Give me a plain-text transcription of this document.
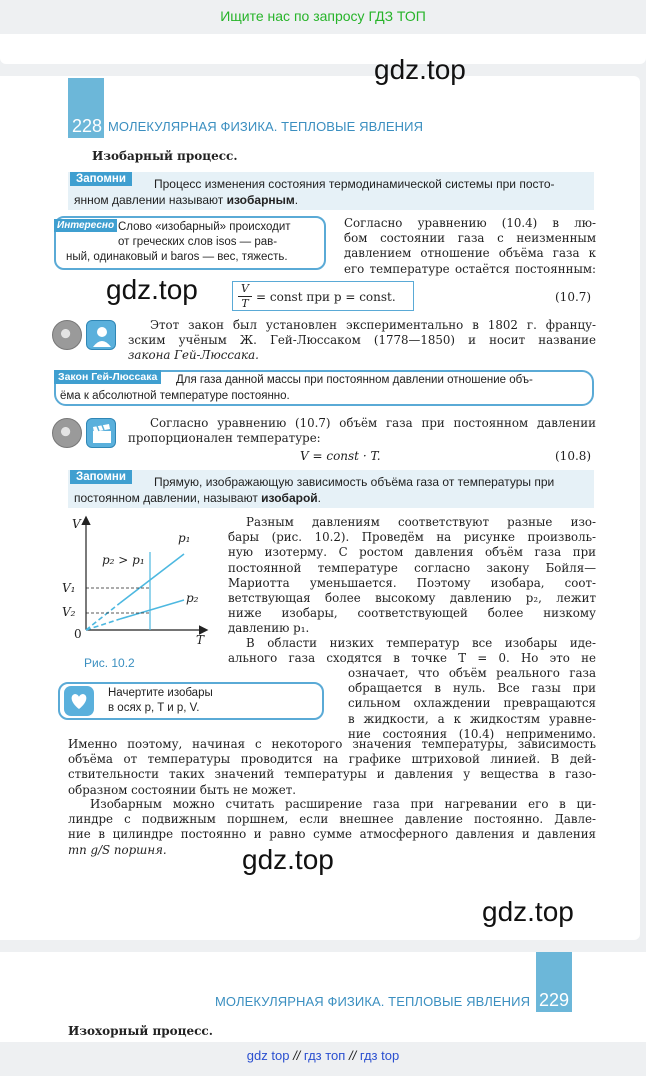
Ищите нас по запросу ГДЗ ТОП
gdz.top
gdz.top
gdz.top
gdz.top
228 МОЛЕКУЛЯРНАЯ ФИЗИКА. ТЕПЛОВЫЕ ЯВЛЕНИЯ
Изобарный процесс.
Запомни	Процесс изменения состояния термодинамической системы при посто-
янном давлении называют изобарным.
Интересно Слово «изобарный» происходит
от греческих слов isos — рав-
ный, одинаковый и baros — вес, тяжесть.
Согласно уравнению (10.4) в лю-
бом состоянии газа с неизменным
давлением отношение объёма газа к
его температуре остаётся постоянным:
V
T = const при p = const.	(10.7)
Этот закон был установлен экспериментально в 1802 г. францу-
зским учёным Ж. Гей-Люссаком (1778—1850) и носит название
закона Гей-Люссака.
Закон Гей-Люссака	Для газа данной массы при постоянном давлении отношение объ-
ёма к абсолютной температуре постоянно.
Согласно уравнению (10.7) объём газа при постоянном давлении
пропорционален температуре:
V = const · T.	(10.8)
Запомни	Прямую, изображающую зависимость объёма газа от температуры при
постоянном давлении, называют изобарой.
V
T
0
V₁
V₂
p₂ > p₁
p₁
p₂
Рис. 10.2
Разным давлениям соответствуют разные изо-
бары (рис. 10.2). Проведём на рисунке произволь-
ную изотерму. С ростом давления объём газа при
постоянной температуре согласно закону Бойля—
Мариотта уменьшается. Поэтому изобара, соот-
ветствующая более высокому давлению p₂, лежит
ниже изобары, соответствующей более низкому
давлению p₁.
В области низких температур все изобары иде-
ального газа сходятся в точке T = 0. Но это не
означает, что объём реального газа
обращается в нуль. Все газы при
сильном охлаждении превращаются
в жидкости, а к жидкостям уравне-
ние состояния (10.4) неприменимо.
Начертите изобары
в осях p, T и p, V.
Именно поэтому, начиная с некоторого значения температуры, зависимость
объёма от температуры проводится на графике штриховой линией. В дей-
ствительности таких значений температуры и давления у вещества в газо-
образном состоянии быть не может.
Изобарным можно считать расширение газа при нагревании его в ци-
линдре с подвижным поршнем, если внешнее давление постоянно. Давле-
ние в цилиндре постоянно и равно сумме атмосферного давления и давления
mп g/S поршня.
229
МОЛЕКУЛЯРНАЯ ФИЗИКА. ТЕПЛОВЫЕ ЯВЛЕНИЯ
Изохорный процесс.
gdz top // гдз топ // гдз top
